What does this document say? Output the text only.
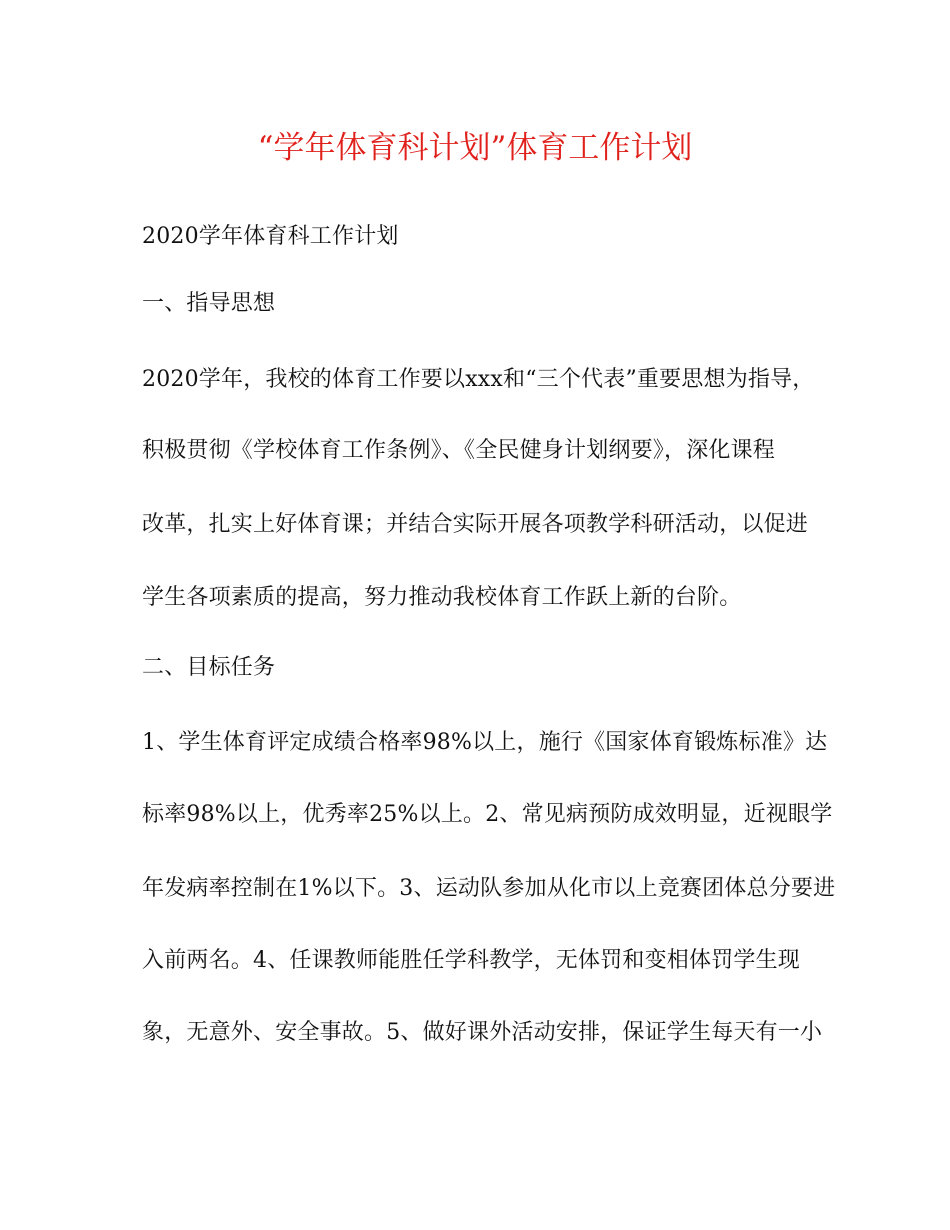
“学年体育科计划”体育工作计划
2020学年体育科工作计划
一、指导思想
2020学年，我校的体育工作要以xxx和“三个代表”重要思想为指导，
积极贯彻《学校体育工作条例》、《全民健身计划纲要》，深化课程
改革，扎实上好体育课；并结合实际开展各项教学科研活动，以促进
学生各项素质的提高，努力推动我校体育工作跃上新的台阶。
二、目标任务
1、学生体育评定成绩合格率98%以上，施行《国家体育锻炼标准》达
标率98%以上，优秀率25%以上。2、常见病预防成效明显，近视眼学
年发病率控制在1%以下。3、运动队参加从化市以上竞赛团体总分要进
入前两名。4、任课教师能胜任学科教学，无体罚和变相体罚学生现
象，无意外、安全事故。5、做好课外活动安排，保证学生每天有一小
